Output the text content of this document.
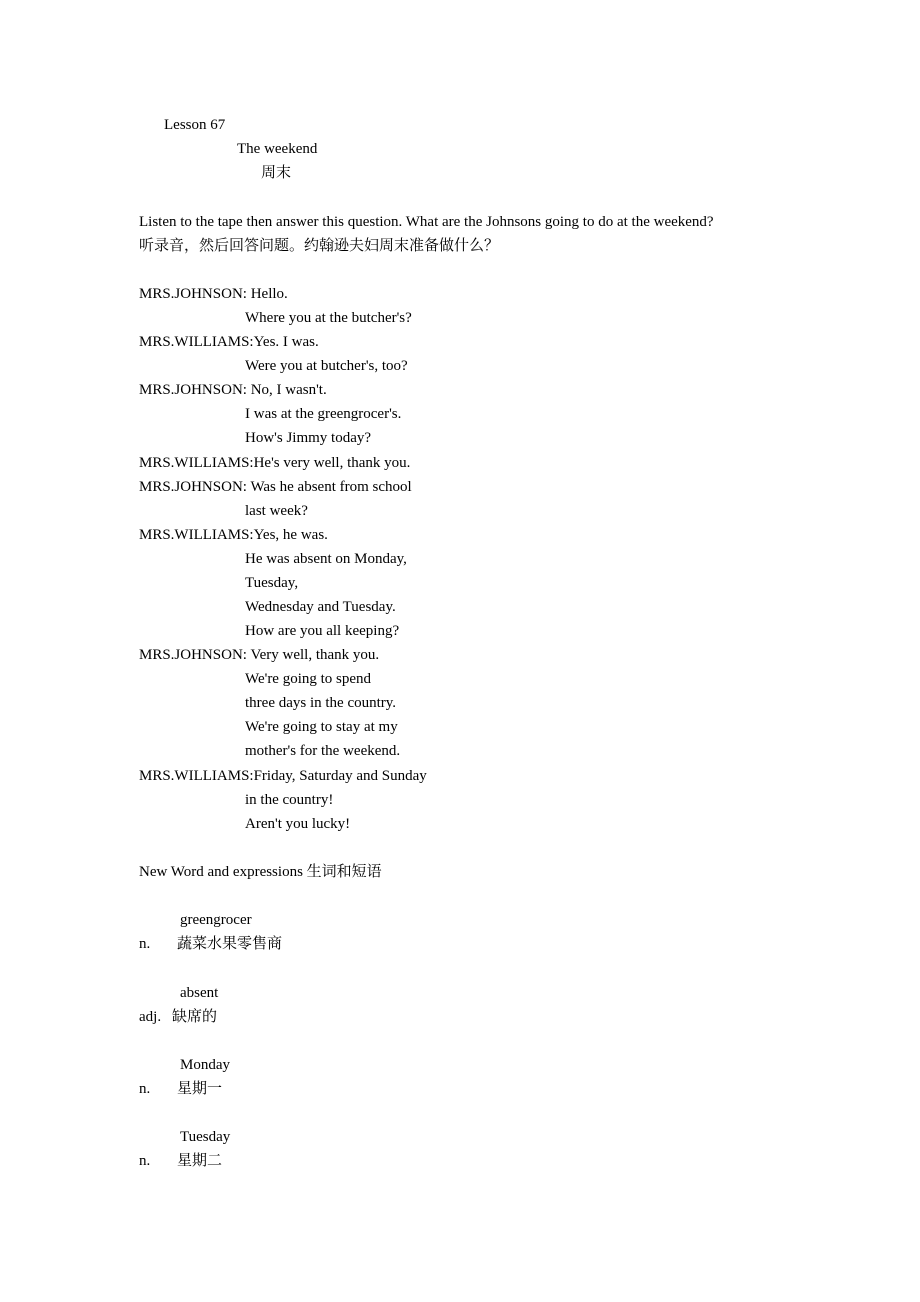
Lesson 67
The weekend
周末
Listen to the tape then answer this question. What are the Johnsons going to do at the weekend?
听录音，然后回答问题。约翰逊夫妇周末准备做什么？
MRS.JOHNSON: Hello.
Where you at the butcher's?
MRS.WILLIAMS:Yes. I was.
Were you at butcher's, too?
MRS.JOHNSON: No, I wasn't.
I was at the greengrocer's.
How's Jimmy today?
MRS.WILLIAMS:He's very well, thank you.
MRS.JOHNSON: Was he absent from school
last week?
MRS.WILLIAMS:Yes, he was.
He was absent on Monday,
Tuesday,
Wednesday and Tuesday.
How are you all keeping?
MRS.JOHNSON: Very well, thank you.
We're going to spend
three days in the country.
We're going to stay at my
mother's for the weekend.
MRS.WILLIAMS:Friday, Saturday and Sunday
in the country!
Aren't you lucky!
New Word and expressions 生词和短语
greengrocer
n. 蔬菜水果零售商
absent
adj. 缺席的
Monday
n. 星期一
Tuesday
n. 星期二
